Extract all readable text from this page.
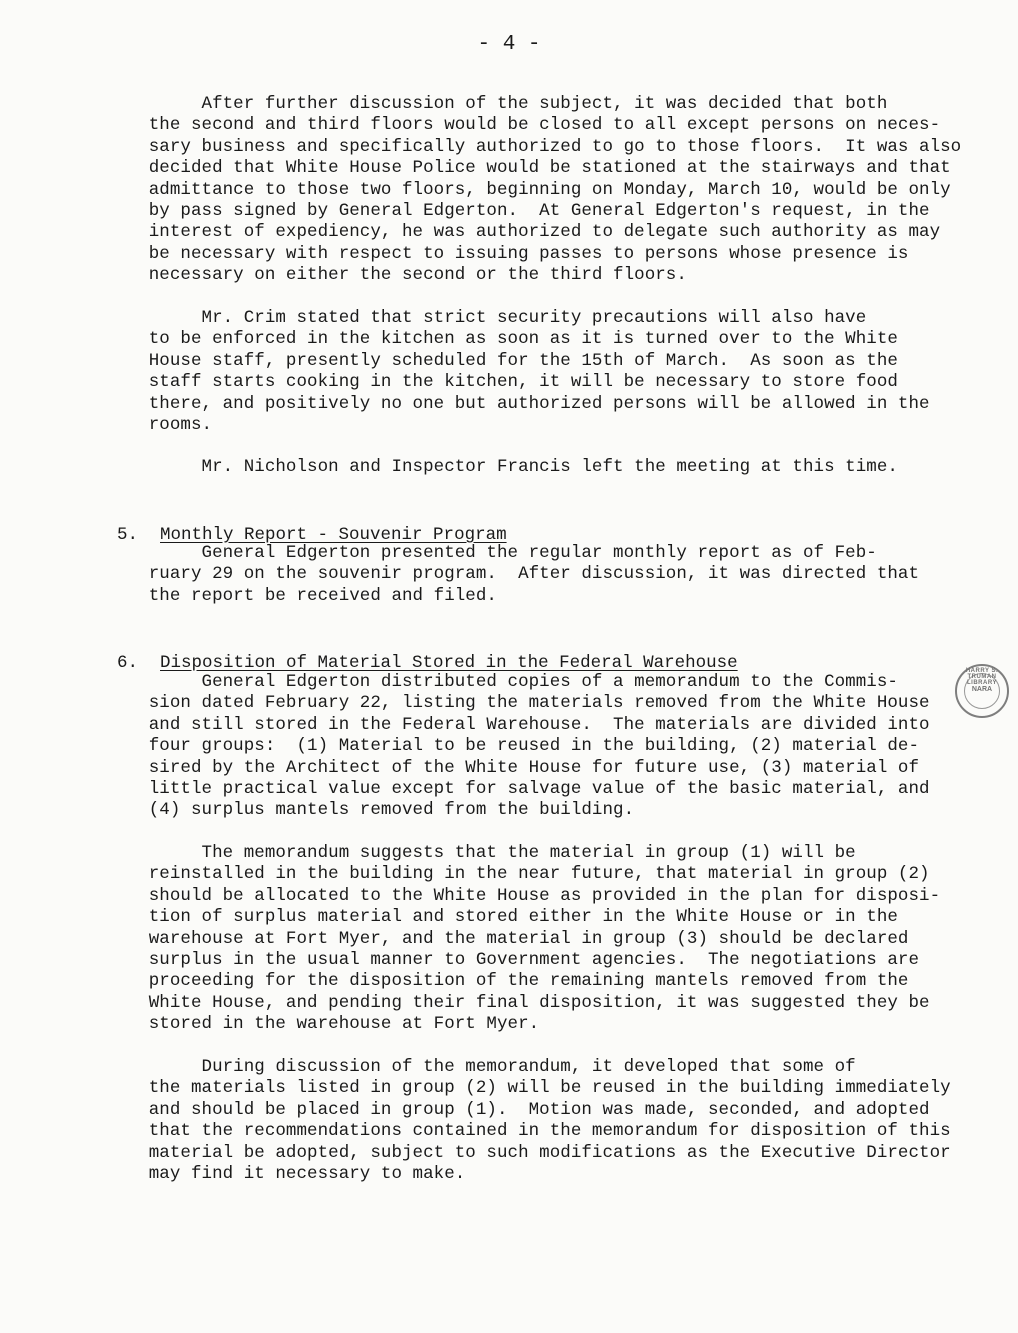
- 4 -
After further discussion of the subject, it was decided that both
the second and third floors would be closed to all except persons on neces-
sary business and specifically authorized to go to those floors.  It was also
decided that White House Police would be stationed at the stairways and that
admittance to those two floors, beginning on Monday, March 10, would be only
by pass signed by General Edgerton.  At General Edgerton's request, in the
interest of expediency, he was authorized to delegate such authority as may
be necessary with respect to issuing passes to persons whose presence is
necessary on either the second or the third floors.
Mr. Crim stated that strict security precautions will also have
to be enforced in the kitchen as soon as it is turned over to the White
House staff, presently scheduled for the 15th of March.  As soon as the
staff starts cooking in the kitchen, it will be necessary to store food
there, and positively no one but authorized persons will be allowed in the
rooms.
Mr. Nicholson and Inspector Francis left the meeting at this time.

5. Monthly Report - Souvenir Program

General Edgerton presented the regular monthly report as of Feb-
ruary 29 on the souvenir program.  After discussion, it was directed that
the report be received and filed.

6. Disposition of Material Stored in the Federal Warehouse

General Edgerton distributed copies of a memorandum to the Commis-
sion dated February 22, listing the materials removed from the White House
and still stored in the Federal Warehouse.  The materials are divided into
four groups:  (1) Material to be reused in the building, (2) material de-
sired by the Architect of the White House for future use, (3) material of
little practical value except for salvage value of the basic material, and
(4) surplus mantels removed from the building.
The memorandum suggests that the material in group (1) will be
reinstalled in the building in the near future, that material in group (2)
should be allocated to the White House as provided in the plan for disposi-
tion of surplus material and stored either in the White House or in the
warehouse at Fort Myer, and the material in group (3) should be declared
surplus in the usual manner to Government agencies.  The negotiations are
proceeding for the disposition of the remaining mantels removed from the
White House, and pending their final disposition, it was suggested they be
stored in the warehouse at Fort Myer.
During discussion of the memorandum, it developed that some of
the materials listed in group (2) will be reused in the building immediately
and should be placed in group (1).  Motion was made, seconded, and adopted
that the recommendations contained in the memorandum for disposition of this
material be adopted, subject to such modifications as the Executive Director
may find it necessary to make.
HARRY S. TRUMAN LIBRARY
NARA
